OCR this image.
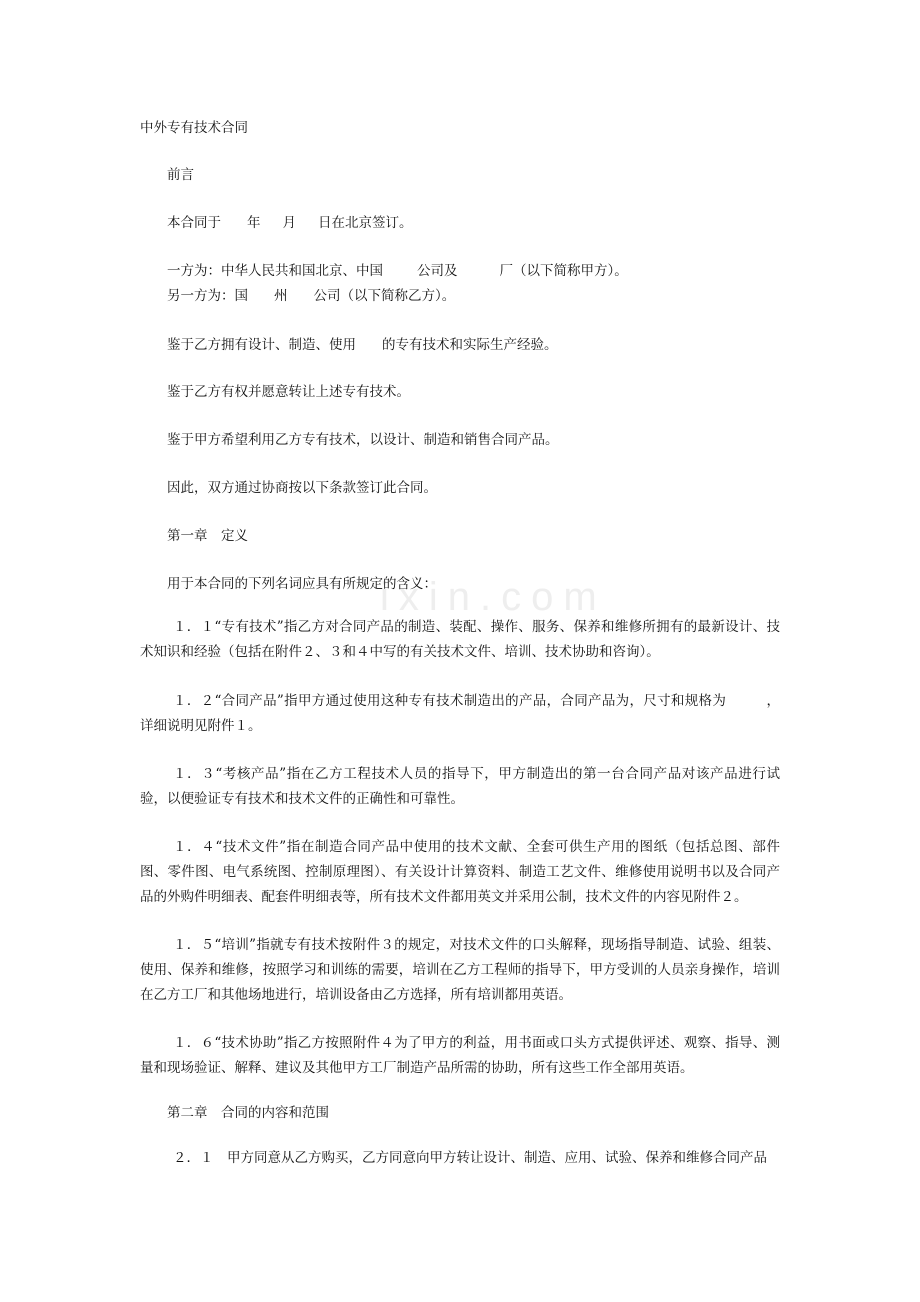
ixin.com
中外专有技术合同
前言
本合同于 年 月 日在北京签订。
一方为：中华人民共和国北京、中国	公司及	厂（以下简称甲方）。
另一方为：国 州 公司（以下简称乙方）。
鉴于乙方拥有设计、制造、使用 的专有技术和实际生产经验。
鉴于乙方有权并愿意转让上述专有技术。
鉴于甲方希望利用乙方专有技术，以设计、制造和销售合同产品。
因此，双方通过协商按以下条款签订此合同。
第一章　定义
用于本合同的下列名词应具有所规定的含义：
１．１“专有技术”指乙方对合同产品的制造、装配、操作、服务、保养和维修所拥有的最新设计、技术知识和经验（包括在附件２、３和４中写的有关技术文件、培训、技术协助和咨询）。
１．２“合同产品”指甲方通过使用这种专有技术制造出的产品，合同产品为，尺寸和规格为	，详细说明见附件１。
１．３“考核产品”指在乙方工程技术人员的指导下，甲方制造出的第一台合同产品对该产品进行试验，以便验证专有技术和技术文件的正确性和可靠性。
１．４“技术文件”指在制造合同产品中使用的技术文献、全套可供生产用的图纸（包括总图、部件图、零件图、电气系统图、控制原理图）、有关设计计算资料、制造工艺文件、维修使用说明书以及合同产品的外购件明细表、配套件明细表等，所有技术文件都用英文并采用公制，技术文件的内容见附件２。
１．５“培训”指就专有技术按附件３的规定，对技术文件的口头解释，现场指导制造、试验、组装、使用、保养和维修，按照学习和训练的需要，培训在乙方工程师的指导下，甲方受训的人员亲身操作，培训在乙方工厂和其他场地进行，培训设备由乙方选择，所有培训都用英语。
１．６“技术协助”指乙方按照附件４为了甲方的利益，用书面或口头方式提供评述、观察、指导、测量和现场验证、解释、建议及其他甲方工厂制造产品所需的协助，所有这些工作全部用英语。
第二章　合同的内容和范围
２．１　甲方同意从乙方购买，乙方同意向甲方转让设计、制造、应用、试验、保养和维修合同产品
